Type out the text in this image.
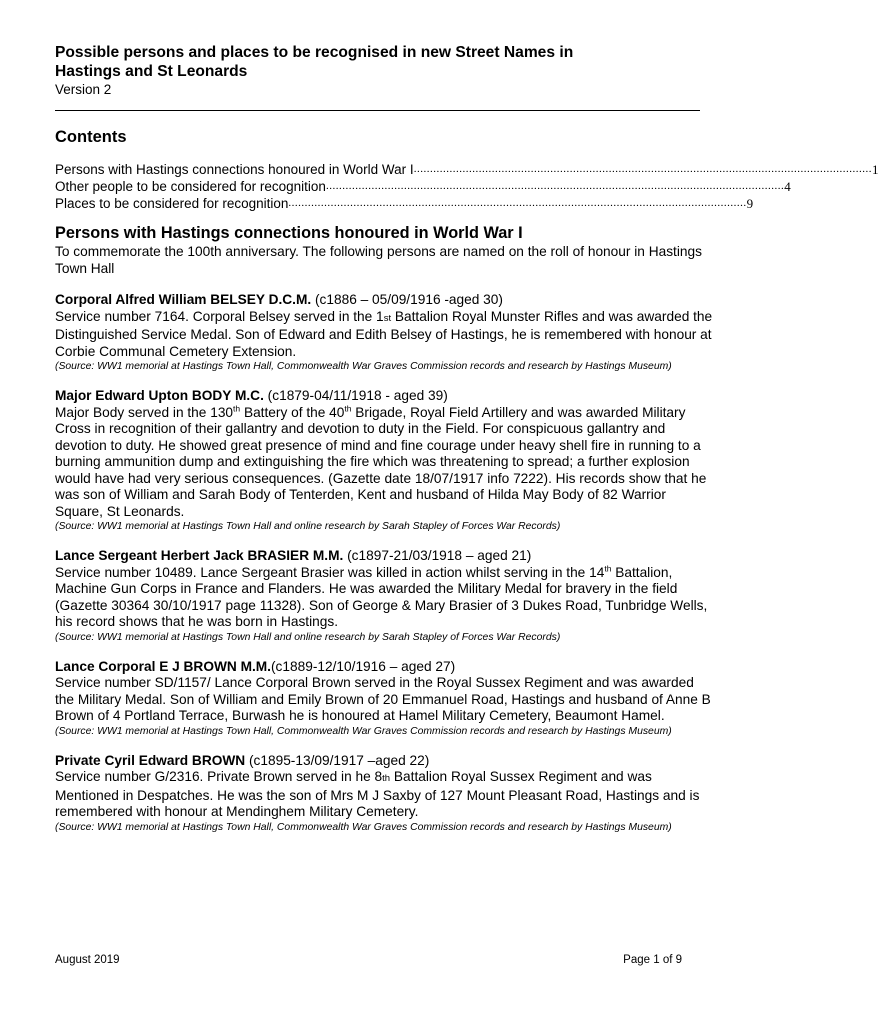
Possible persons and places to be recognised in new Street Names in
Hastings and St Leonards

Version 2

Contents
Persons with Hastings connections honoured in World War I ............................................................................................................................................. 1
Other people to be considered for recognition ............................................................................................................................................. 4
Places to be considered for recognition ............................................................................................................................................. 9
Persons with Hastings connections honoured in World War I

To commemorate the 100th anniversary. The following persons are named on the roll of honour in Hastings Town Hall

Corporal Alfred William BELSEY D.C.M. (c1886 – 05/09/1916 -aged 30)

Service number 7164. Corporal Belsey served in the 1st Battalion Royal Munster Rifles and was awarded the Distinguished Service Medal. Son of Edward and Edith Belsey of Hastings, he is remembered with honour at Corbie Communal Cemetery Extension.

(Source: WW1 memorial at Hastings Town Hall, Commonwealth War Graves Commission records and research by Hastings Museum)

Major Edward Upton BODY M.C. (c1879-04/11/1918 - aged 39)

Major Body served in the 130th Battery of the 40th Brigade, Royal Field Artillery and was awarded Military Cross in recognition of their gallantry and devotion to duty in the Field. For conspicuous gallantry and devotion to duty. He showed great presence of mind and fine courage under heavy shell fire in running to a burning ammunition dump and extinguishing the fire which was threatening to spread; a further explosion would have had very serious consequences. (Gazette date 18/07/1917 info 7222). His records show that he was son of William and Sarah Body of Tenterden, Kent and husband of Hilda May Body of 82 Warrior Square, St Leonards.

(Source: WW1 memorial at Hastings Town Hall and online research by Sarah Stapley of Forces War Records)

Lance Sergeant Herbert Jack BRASIER M.M. (c1897-21/03/1918 – aged 21)

Service number 10489. Lance Sergeant Brasier was killed in action whilst serving in the 14th Battalion, Machine Gun Corps in France and Flanders. He was awarded the Military Medal for bravery in the field (Gazette 30364 30/10/1917 page 11328). Son of George & Mary Brasier of 3 Dukes Road, Tunbridge Wells, his record shows that he was born in Hastings.

(Source: WW1 memorial at Hastings Town Hall and online research by Sarah Stapley of Forces War Records)

Lance Corporal E J BROWN M.M.(c1889-12/10/1916 – aged 27)

Service number SD/1157/ Lance Corporal Brown served in the Royal Sussex Regiment and was awarded the Military Medal. Son of William and Emily Brown of 20 Emmanuel Road, Hastings and husband of Anne B Brown of 4 Portland Terrace, Burwash he is honoured at Hamel Military Cemetery, Beaumont Hamel.

(Source: WW1 memorial at Hastings Town Hall, Commonwealth War Graves Commission records and research by Hastings Museum)

Private Cyril Edward BROWN (c1895-13/09/1917 –aged 22)

Service number G/2316. Private Brown served in he 8th Battalion Royal Sussex Regiment and was Mentioned in Despatches. He was the son of Mrs M J Saxby of 127 Mount Pleasant Road, Hastings and is remembered with honour at Mendinghem Military Cemetery.

(Source: WW1 memorial at Hastings Town Hall, Commonwealth War Graves Commission records and research by Hastings Museum)

August 2019	Page 1 of 9
